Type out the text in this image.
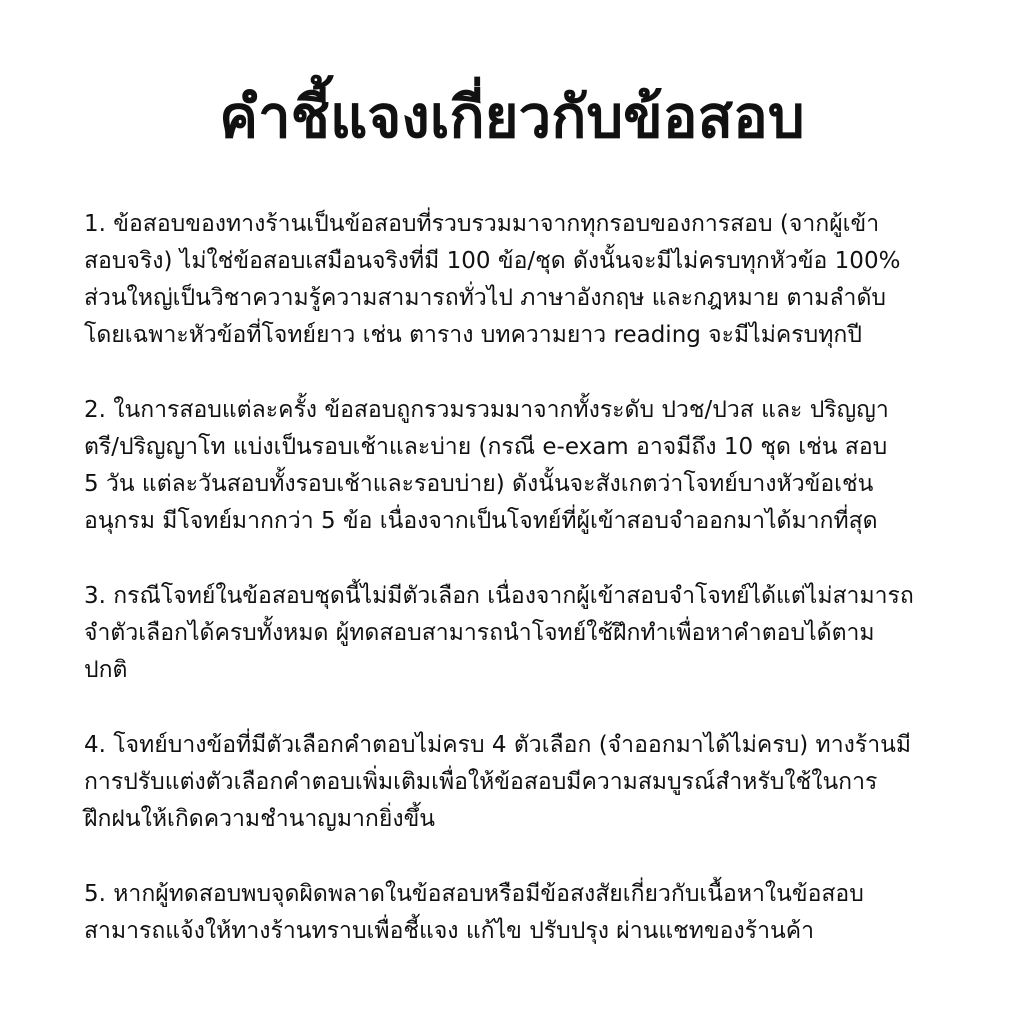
คำชี้แจงเกี่ยวกับข้อสอบ
1. ข้อสอบของทางร้านเป็นข้อสอบที่รวบรวมมาจากทุกรอบของการสอบ (จากผู้เข้า
สอบจริง) ไม่ใช่ข้อสอบเสมือนจริงที่มี 100 ข้อ/ชุด ดังนั้นจะมีไม่ครบทุกหัวข้อ 100%
ส่วนใหญ่เป็นวิชาความรู้ความสามารถทั่วไป ภาษาอังกฤษ และกฎหมาย ตามลำดับ
โดยเฉพาะหัวข้อที่โจทย์ยาว เช่น ตาราง บทความยาว reading จะมีไม่ครบทุกปี
2. ในการสอบแต่ละครั้ง ข้อสอบถูกรวมรวมมาจากทั้งระดับ ปวช/ปวส และ ปริญญา
ตรี/ปริญญาโท แบ่งเป็นรอบเช้าและบ่าย (กรณี e-exam อาจมีถึง 10 ชุด เช่น สอบ
5 วัน แต่ละวันสอบทั้งรอบเช้าและรอบบ่าย) ดังนั้นจะสังเกตว่าโจทย์บางหัวข้อเช่น
อนุกรม มีโจทย์มากกว่า 5 ข้อ เนื่องจากเป็นโจทย์ที่ผู้เข้าสอบจำออกมาได้มากที่สุด
3. กรณีโจทย์ในข้อสอบชุดนี้ไม่มีตัวเลือก เนื่องจากผู้เข้าสอบจำโจทย์ได้แต่ไม่สามารถ
จำตัวเลือกได้ครบทั้งหมด ผู้ทดสอบสามารถนำโจทย์ใช้ฝึกทำเพื่อหาคำตอบได้ตาม
ปกติ
4. โจทย์บางข้อที่มีตัวเลือกคำตอบไม่ครบ 4 ตัวเลือก (จำออกมาได้ไม่ครบ) ทางร้านมี
การปรับแต่งตัวเลือกคำตอบเพิ่มเติมเพื่อให้ข้อสอบมีความสมบูรณ์สำหรับใช้ในการ
ฝึกฝนให้เกิดความชำนาญมากยิ่งขึ้น
5. หากผู้ทดสอบพบจุดผิดพลาดในข้อสอบหรือมีข้อสงสัยเกี่ยวกับเนื้อหาในข้อสอบ
สามารถแจ้งให้ทางร้านทราบเพื่อชี้แจง แก้ไข ปรับปรุง ผ่านแชทของร้านค้า
